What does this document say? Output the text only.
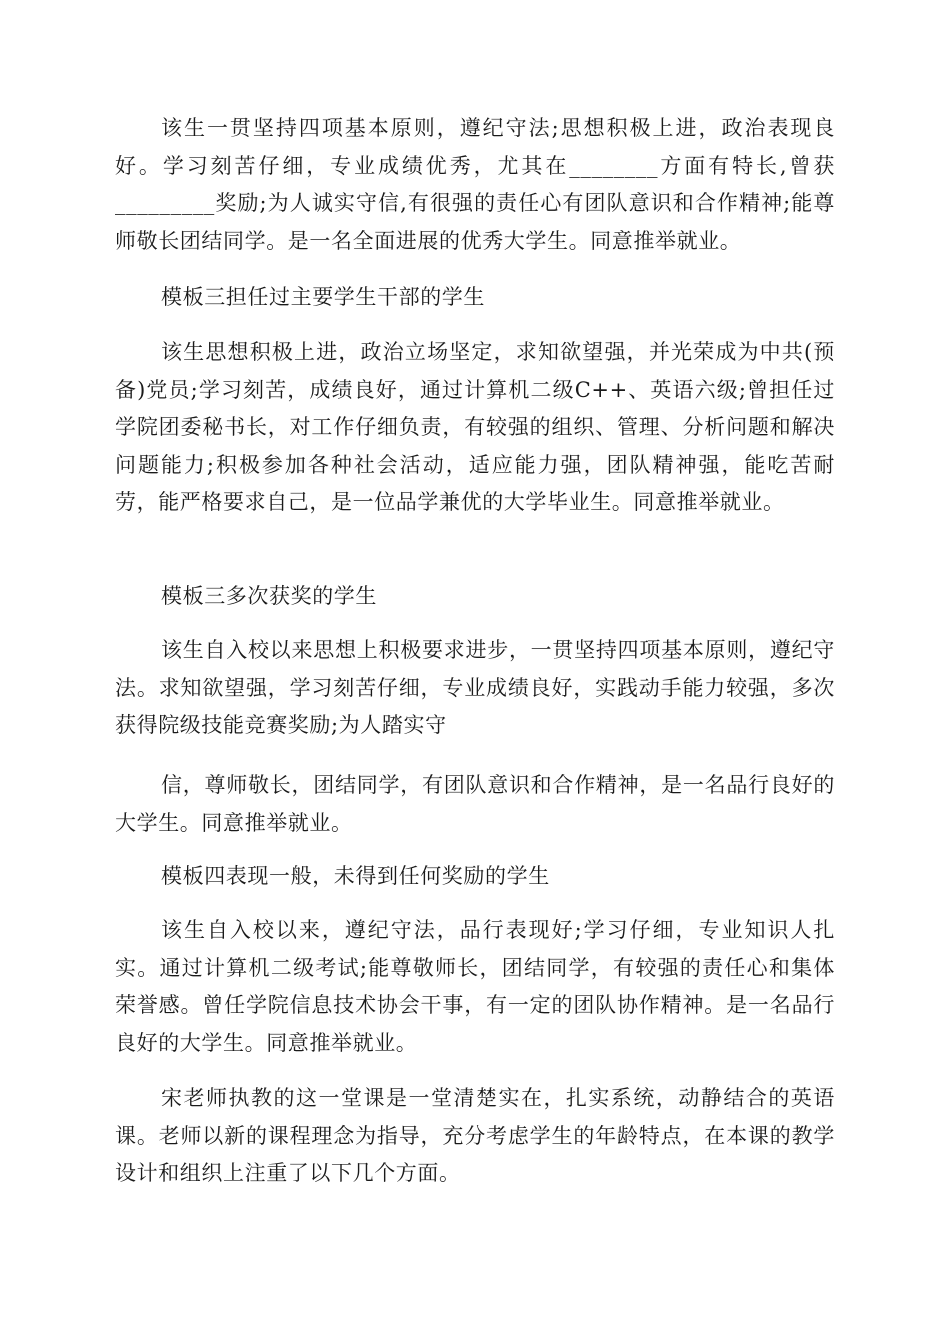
该生一贯坚持四项基本原则，遵纪守法;思想积极上进，政治表现良好。学习刻苦仔细，专业成绩优秀，尤其在________方面有特长,曾获_________奖励;为人诚实守信,有很强的责任心有团队意识和合作精神;能尊师敬长团结同学。是一名全面进展的优秀大学生。同意推举就业。

模板三担任过主要学生干部的学生

该生思想积极上进，政治立场坚定，求知欲望强，并光荣成为中共(预备)党员;学习刻苦，成绩良好，通过计算机二级C++、英语六级;曾担任过学院团委秘书长，对工作仔细负责，有较强的组织、管理、分析问题和解决问题能力;积极参加各种社会活动，适应能力强，团队精神强，能吃苦耐劳，能严格要求自己，是一位品学兼优的大学毕业生。同意推举就业。

模板三多次获奖的学生

该生自入校以来思想上积极要求进步，一贯坚持四项基本原则，遵纪守法。求知欲望强，学习刻苦仔细，专业成绩良好，实践动手能力较强，多次获得院级技能竞赛奖励;为人踏实守

信，尊师敬长，团结同学，有团队意识和合作精神，是一名品行良好的大学生。同意推举就业。

模板四表现一般，未得到任何奖励的学生

该生自入校以来，遵纪守法，品行表现好;学习仔细，专业知识人扎实。通过计算机二级考试;能尊敬师长，团结同学，有较强的责任心和集体荣誉感。曾任学院信息技术协会干事，有一定的团队协作精神。是一名品行良好的大学生。同意推举就业。

宋老师执教的这一堂课是一堂清楚实在，扎实系统，动静结合的英语课。老师以新的课程理念为指导，充分考虑学生的年龄特点，在本课的教学设计和组织上注重了以下几个方面。
